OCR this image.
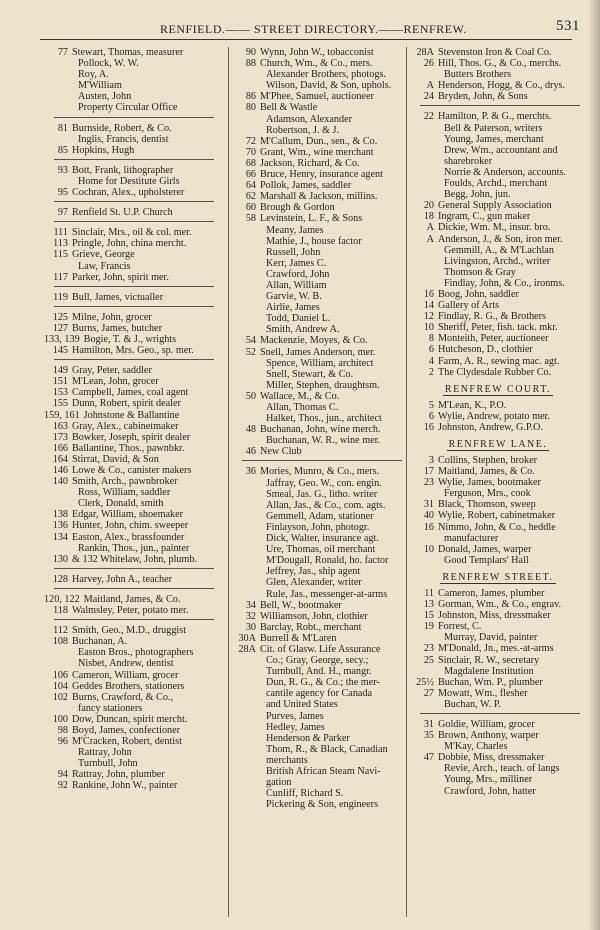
RENFIELD.—— STREET DIRECTORY.——RENFREW.	531
77 Stewart, Thomas, measurer
Pollock, W. W.
Roy, A.
M'William
Austen, John
Property Circular Office
81 Burnside, Robert, & Co.
Inglis, Francis, dentist
85 Hopkins, Hugh
93 Bott, Frank, lithographer
Home for Destitute Girls
95 Cochran, Alex., upholsterer
97 Renfield St. U.P. Church
111 Sinclair, Mrs., oil & col. mer.
113 Pringle, John, china mercht.
115 Grieve, George
Law, Francis
117 Parker, John, spirit mer.
119 Bull, James, victualler
125 Milne, John, grocer
127 Burns, James, butcher
133, 139 Bogie, T. & J., wrights
145 Hamilton, Mrs. Geo., sp. mer.
149 Gray, Peter, saddler
151 M'Lean, John, grocer
153 Campbell, James, coal agent
155 Dunn, Robert, spirit dealer
159, 161 Johnstone & Ballantine
163 Gray, Alex., cabinetmaker
173 Bowker, Joseph, spirit dealer
166 Ballantine, Thos., pawnbkr.
164 Stirrat, David, & Son
146 Lowe & Co., canister makers
140 Smith, Arch., pawnbroker
Ross, William, saddler
Clerk, Donald, smith
138 Edgar, William, shoemaker
136 Hunter, John, chim. sweeper
134 Easton, Alex., brassfounder
Rankin, Thos., jun., painter
130 & 132 Whitelaw, John, plumb.
128 Harvey, John A., teacher
120, 122 Maitland, James, & Co.
118 Walmsley, Peter, potato mer.
112 Smith, Geo., M.D., druggist
108 Buchanan, A.
Easton Bros., photographers
Nisbet, Andrew, dentist
106 Cameron, William, grocer
104 Geddes Brothers, stationers
102 Burns, Crawford, & Co.,
fancy stationers
100 Dow, Duncan, spirit mercht.
98 Boyd, James, confectioner
96 M'Cracken, Robert, dentist
Rattray, John
Turnbull, John
94 Rattray, John, plumber
92 Rankine, John W., painter
90 Wynn, John W., tobacconist
88 Church, Wm., & Co., mers.
Alexander Brothers, photogs.
Wilson, David, & Son, uphols.
86 M'Phee, Samuel, auctioneer
80 Bell & Wastle
Adamson, Alexander
Robertson, J. & J.
72 M'Callum, Dun., sen., & Co.
70 Grant, Wm., wine merchant
68 Jackson, Richard, & Co.
66 Bruce, Henry, insurance agent
64 Pollok, James, saddler
62 Marshall & Jackson, millins.
60 Brough & Gordon
58 Levinstein, L. F., & Sons
Meany, James
Mathie, J., house factor
Russell, John
Kerr, James C.
Crawford, John
Allan, William
Garvie, W. B.
Airlie, James
Todd, Daniel L.
Smith, Andrew A.
54 Mackenzie, Moyes, & Co.
52 Snell, James Anderson, mer.
Spence, William, architect
Snell, Stewart, & Co.
Miller, Stephen, draughtsm.
50 Wallace, M., & Co.
Allan, Thomas C.
Halket, Thos., jun., architect
48 Buchanan, John, wine merch.
Buchanan, W. R., wine mer.
46 New Club
36 Mories, Munro, & Co., mers.
Jaffray, Geo. W., con. engin.
Smeal, Jas. G., litho. writer
Allan, Jas., & Co., com. agts.
Gemmell, Adam, stationer
Finlayson, John, photogr.
Dick, Walter, insurance agt.
Ure, Thomas, oil merchant
M'Dougall, Ronald, ho. factor
Jeffrey, Jas., ship agent
Glen, Alexander, writer
Rule, Jas., messenger-at-arms
34 Bell, W., bootmaker
32 Williamson, John, clothier
30 Barclay, Robt., merchant
30A Burrell & M'Laren
28A Cit. of Glasw. Life Assurance
Co.; Gray, George, secy.;
Turnbull, And. H., mangr.
Dun, R. G., & Co.; the mer-
cantile agency for Canada
and United States
Purves, James
Hedley, James
Henderson & Parker
Thom, R., & Black, Canadian
merchants
British African Steam Navi-
gation
Cunliff, Richard S.
Pickering & Son, engineers
28A Stevenston Iron & Coal Co.
26 Hill, Thos. G., & Co., merchs.
Butters Brothers
A Henderson, Hogg, & Co., drys.
24 Bryden, John, & Sons
22 Hamilton, P. & G., merchts.
Bell & Paterson, writers
Young, James, merchant
Drew, Wm., accountant and
sharebroker
Norrie & Anderson, accounts.
Foulds, Archd., merchant
Begg, John, jun.
20 General Supply Association
18 Ingram, C., gun maker
A Dickie, Wm. M., insur. bro.
A Anderson, J., & Son, iron mer.
Gemmill, A., & M'Lachlan
Livingston, Archd., writer
Thomson & Gray
Findlay, John, & Co., ironms.
16 Boog, John, saddler
14 Gallery of Arts
12 Findlay, R. G., & Brothers
10 Sheriff, Peter, fish. tack. mkr.
8 Monteith, Peter, auctioneer
6 Hutcheson, D., clothier
4 Farm, A. R., sewing mac. agt.
2 The Clydesdale Rubber Co.
RENFREW COURT.
5 M'Lean, K., P.O.
6 Wylie, Andrew, potato mer.
16 Johnston, Andrew, G.P.O.
RENFREW LANE.
3 Collins, Stephen, broker
17 Maitland, James, & Co.
23 Wylie, James, bootmaker
Ferguson, Mrs., cook
31 Black, Thomson, sweep
40 Wylie, Robert, cabinetmaker
16 Nimmo, John, & Co., heddle
manufacturer
10 Donald, James, warper
Good Templars' Hall
RENFREW STREET.
11 Cameron, James, plumber
13 Gorman, Wm., & Co., engrav.
15 Johnston, Miss, dressmaker
19 Forrest, C.
Murray, David, painter
23 M'Donald, Jn., mes.-at-arms
25 Sinclair, R. W., secretary
Magdalene Institution
25½ Buchan, Wm. P., plumber
27 Mowatt, Wm., flesher
Buchan, W. P.
31 Goldie, William, grocer
35 Brown, Anthony, warper
M'Kay, Charles
47 Dobbie, Miss, dressmaker
Revie, Arch., teach. of langs
Young, Mrs., milliner
Crawford, John, hatter
